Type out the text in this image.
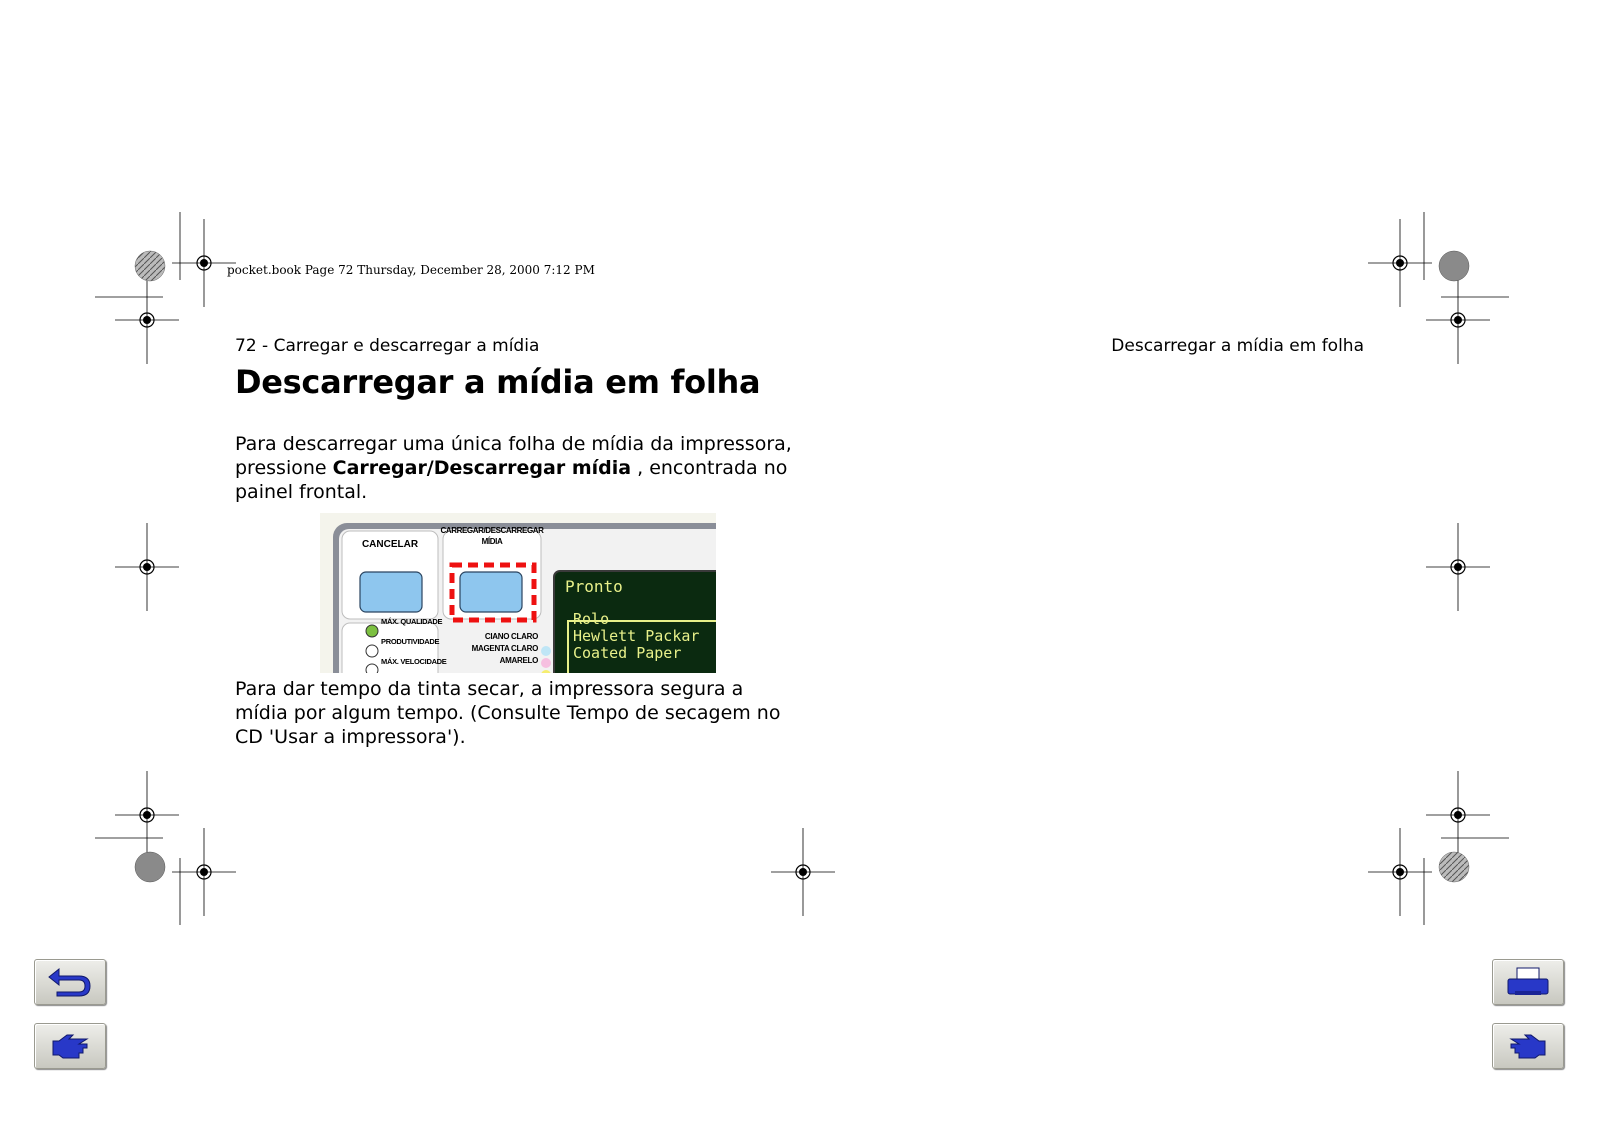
pocket.book Page 72 Thursday, December 28, 2000 7:12 PM
72 - Carregar e descarregar a mídia	Descarregar a mídia em folha
Descarregar a mídia em folha

Para descarregar uma única folha de mídia da impressora, pressione Carregar/Descarregar mídia , encontrada no painel frontal.

CANCELAR
CARREGAR/DESCARREGAR
MÍDIA
MÁX. QUALIDADE
PRODUTIVIDADE
MÁX. VELOCIDADE
CIANO CLARO
MAGENTA CLARO
AMARELO
Pronto
Rolo
Hewlett Packar
Coated Paper

Para dar tempo da tinta secar, a impressora segura a mídia por algum tempo. (Consulte Tempo de secagem no CD 'Usar a impressora').
